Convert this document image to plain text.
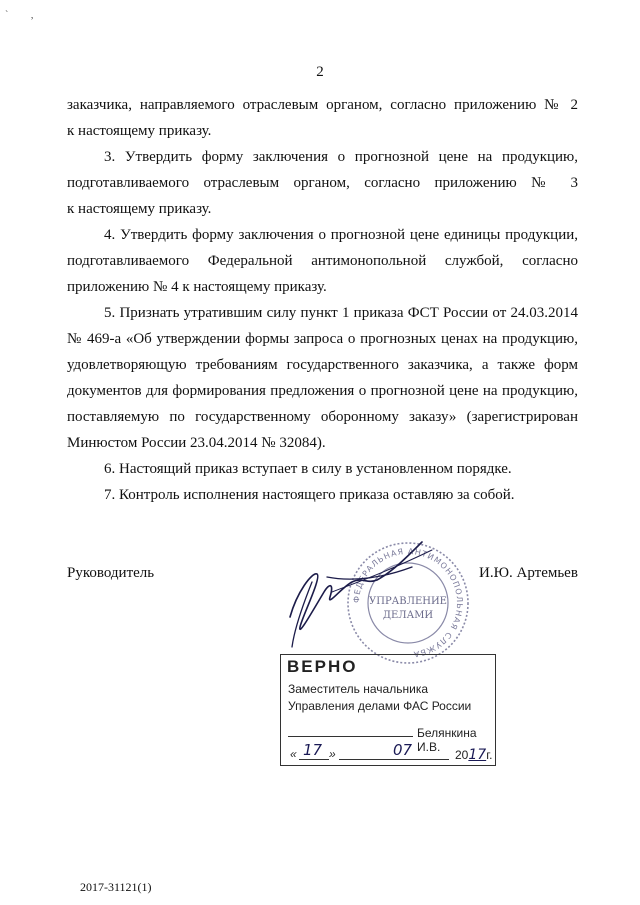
` ,
2

заказчика, направляемого отраслевым органом, согласно приложению № 2

к настоящему приказу.

3. Утвердить форму заключения о прогнозной цене на продукцию,

подготавливаемого отраслевым органом, согласно приложению № 3

к настоящему приказу.

4. Утвердить форму заключения о прогнозной цене единицы продукции,

подготавливаемого Федеральной антимонопольной службой, согласно

приложению № 4 к настоящему приказу.

5. Признать утратившим силу пункт 1 приказа ФСТ России от 24.03.2014

№ 469-а «Об утверждении формы запроса о прогнозных ценах на продукцию,

удовлетворяющую требованиям государственного заказчика, а также форм

документов для формирования предложения о прогнозной цене на продукцию,

поставляемую по государственному оборонному заказу» (зарегистрирован

Минюстом России 23.04.2014 № 32084).

6. Настоящий приказ вступает в силу в установленном порядке.

7. Контроль исполнения настоящего приказа оставляю за собой.

Руководитель	И.Ю. Артемьев
ФЕДЕРАЛЬНАЯ АНТИМОНОПОЛЬНАЯ СЛУЖБА
УПРАВЛЕНИЕ
ДЕЛАМИ
ВЕРНО
Заместитель начальника
Управления делами ФАС России
Белянкина И.В.
« 17 »	07	2017г.
2017-31121(1)
